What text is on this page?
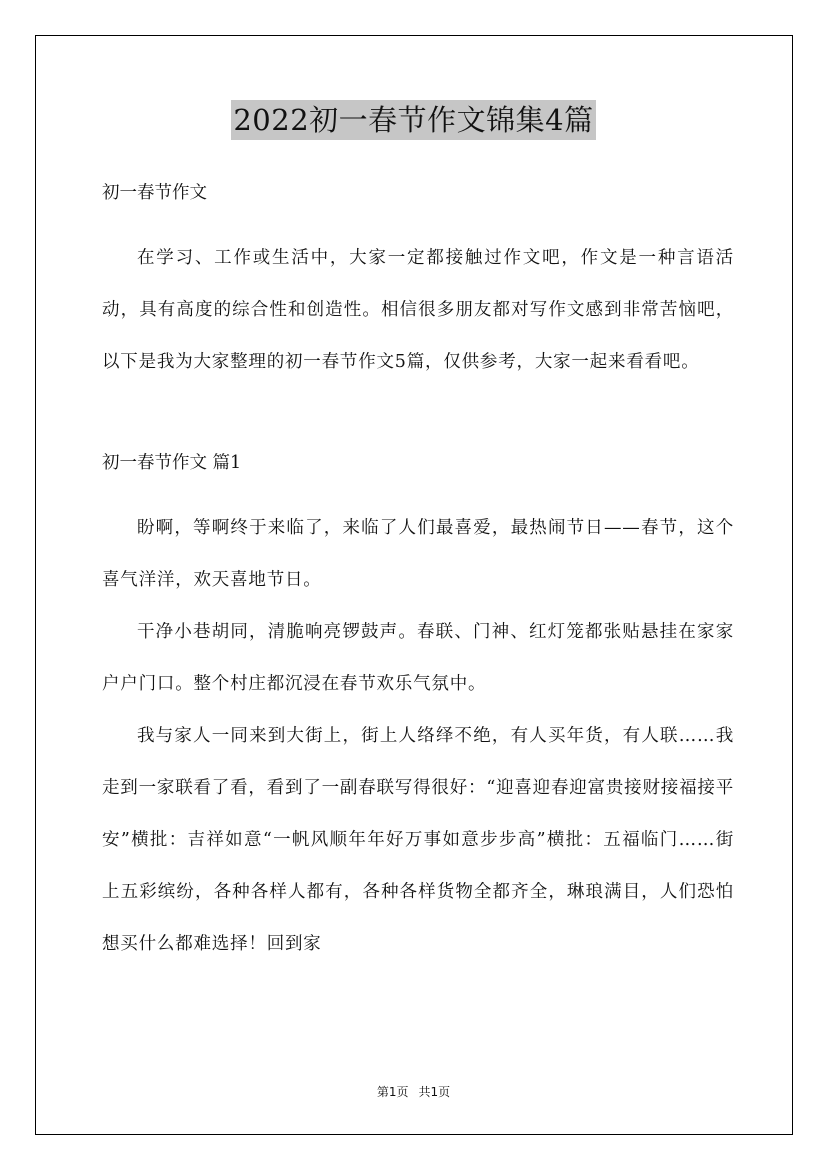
2022初一春节作文锦集4篇

初一春节作文

在学习、工作或生活中，大家一定都接触过作文吧，作文是一种言语活动，具有高度的综合性和创造性。相信很多朋友都对写作文感到非常苦恼吧，以下是我为大家整理的初一春节作文5篇，仅供参考，大家一起来看看吧。

初一春节作文 篇1

盼啊，等啊终于来临了，来临了人们最喜爱，最热闹节日——春节，这个喜气洋洋，欢天喜地节日。

干净小巷胡同，清脆响亮锣鼓声。春联、门神、红灯笼都张贴悬挂在家家户户门口。整个村庄都沉浸在春节欢乐气氛中。

我与家人一同来到大街上，街上人络绎不绝，有人买年货，有人联……我走到一家联看了看，看到了一副春联写得很好：“迎喜迎春迎富贵接财接福接平安”横批：吉祥如意“一帆风顺年年好万事如意步步高”横批：五福临门……街上五彩缤纷，各种各样人都有，各种各样货物全都齐全，琳琅满目，人们恐怕想买什么都难选择！回到家

第1页 共1页
